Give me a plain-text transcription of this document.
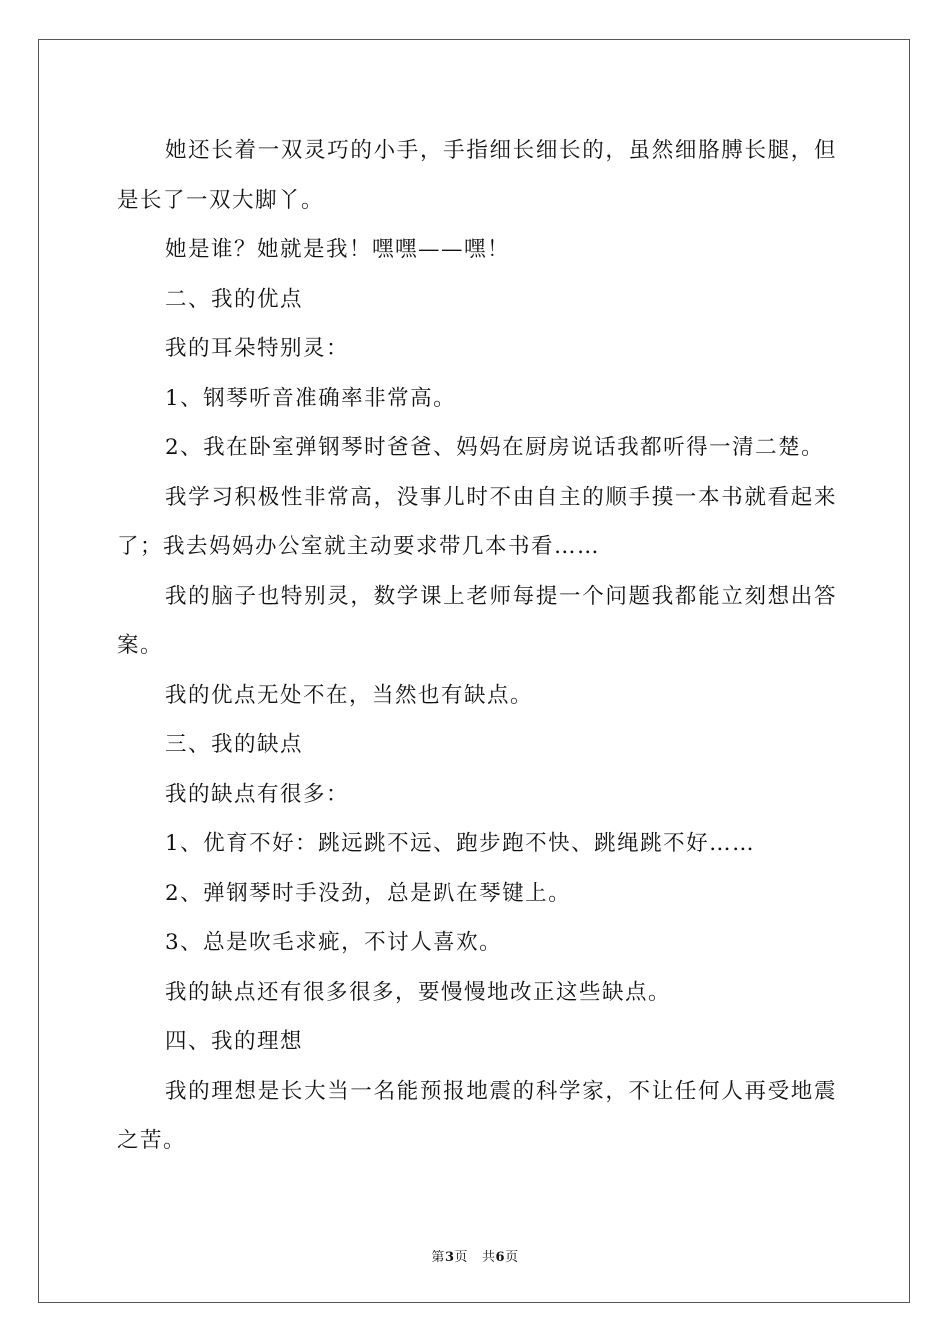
她还长着一双灵巧的小手，手指细长细长的，虽然细胳膊长腿，但是长了一双大脚丫。

她是谁？她就是我！嘿嘿——嘿！

二、我的优点

我的耳朵特别灵：

1、钢琴听音准确率非常高。

2、我在卧室弹钢琴时爸爸、妈妈在厨房说话我都听得一清二楚。

我学习积极性非常高，没事儿时不由自主的顺手摸一本书就看起来了；我去妈妈办公室就主动要求带几本书看……

我的脑子也特别灵，数学课上老师每提一个问题我都能立刻想出答案。

我的优点无处不在，当然也有缺点。

三、我的缺点

我的缺点有很多：

1、优育不好：跳远跳不远、跑步跑不快、跳绳跳不好……

2、弹钢琴时手没劲，总是趴在琴键上。

3、总是吹毛求疵，不讨人喜欢。

我的缺点还有很多很多，要慢慢地改正这些缺点。

四、我的理想

我的理想是长大当一名能预报地震的科学家，不让任何人再受地震之苦。

第3页 共6页
